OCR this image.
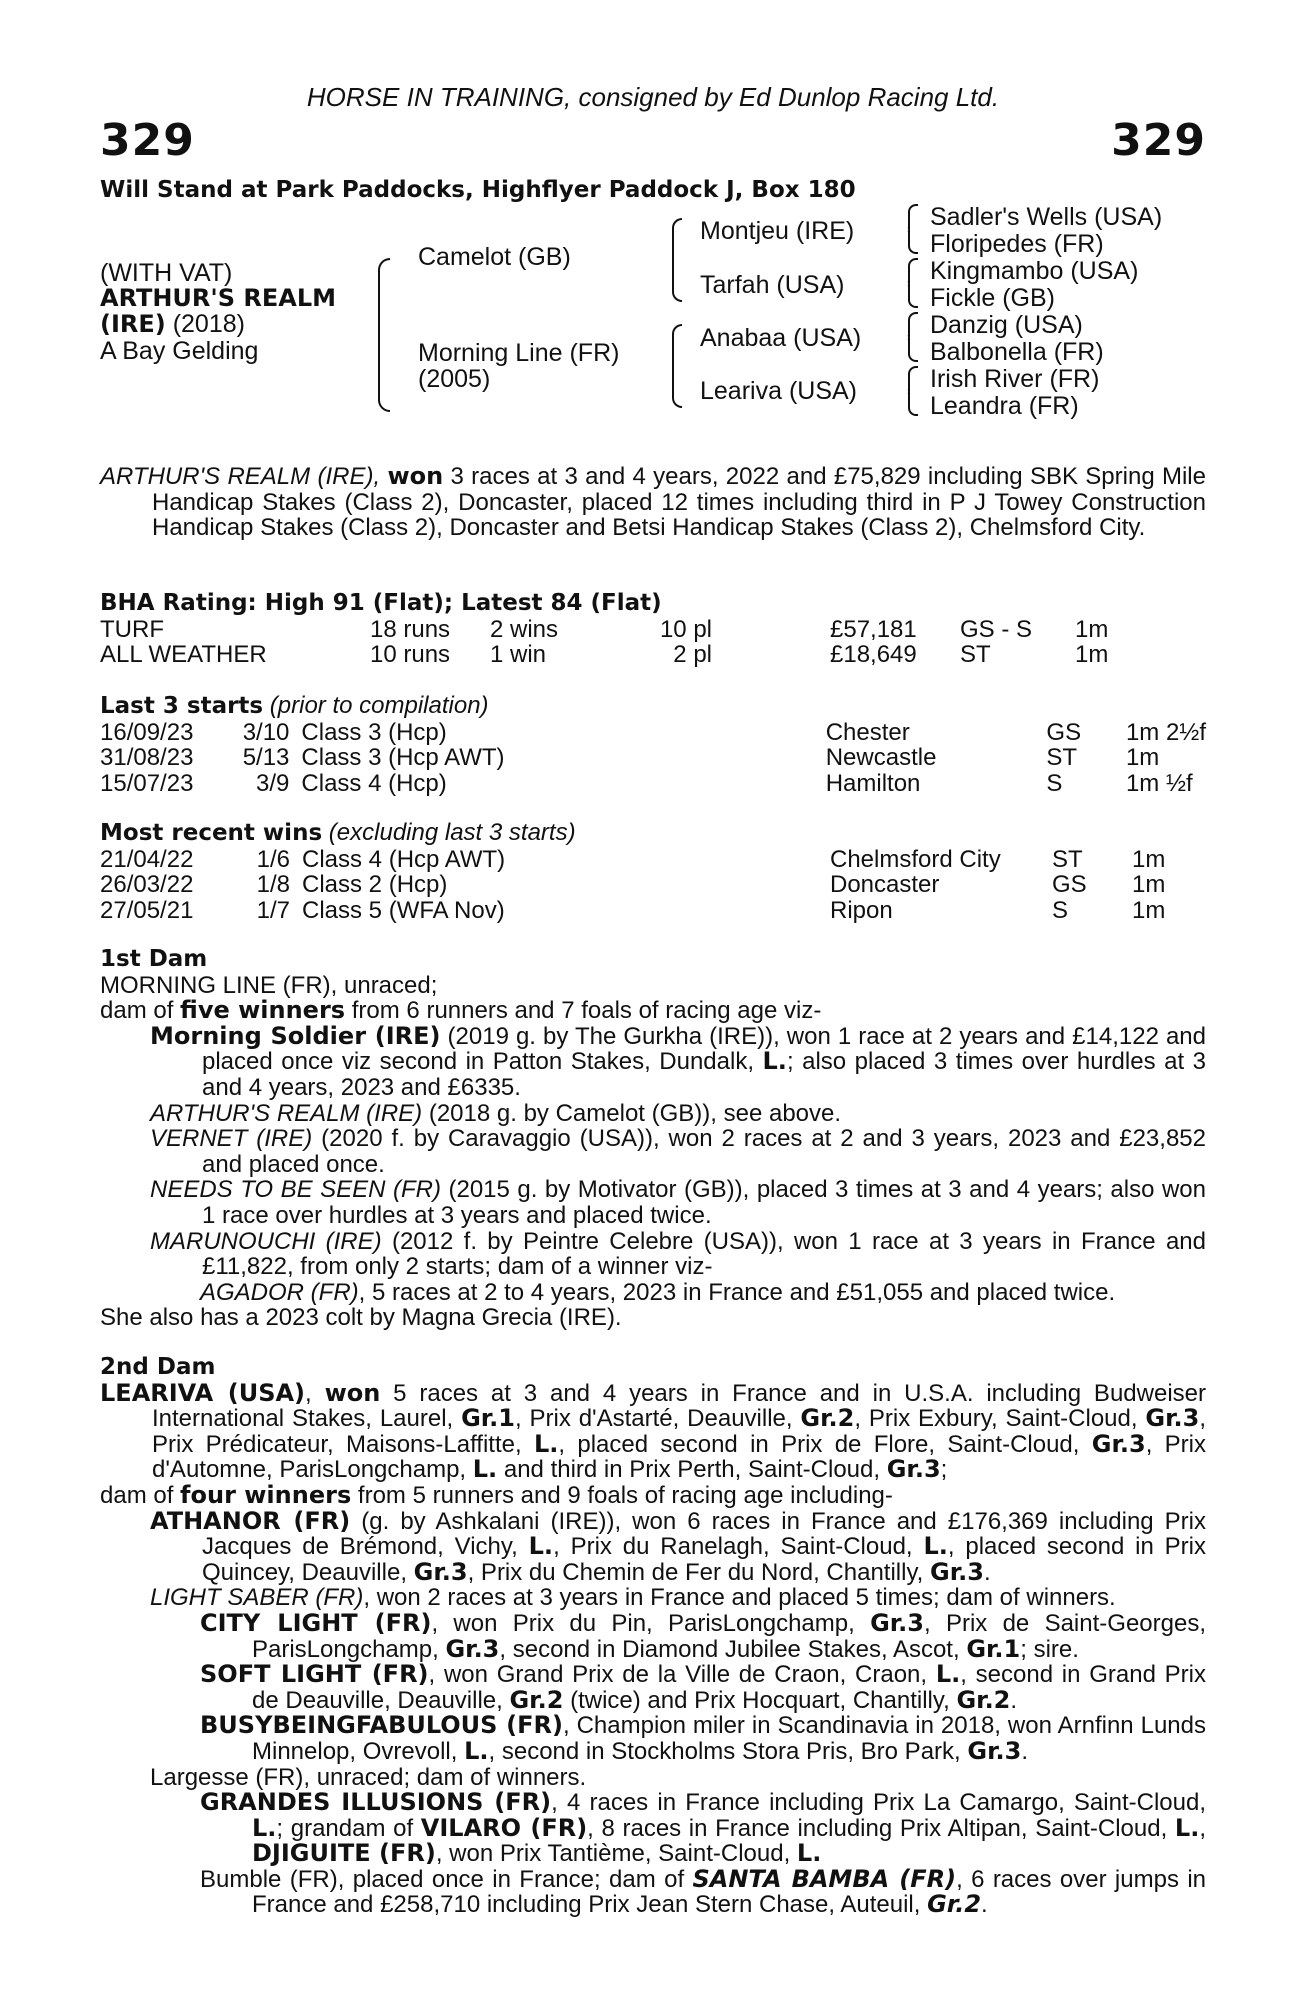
HORSE IN TRAINING, consigned by Ed Dunlop Racing Ltd.
329	329
Will Stand at Park Paddocks, Highflyer Paddock J, Box 180
(WITH VAT)
ARTHUR'S REALM
(IRE) (2018)
A Bay Gelding
Camelot (GB)
Morning Line (FR)
(2005)
Montjeu (IRE)
Tarfah (USA)
Anabaa (USA)
Leariva (USA)
Sadler's Wells (USA)
Floripedes (FR)
Kingmambo (USA)
Fickle (GB)
Danzig (USA)
Balbonella (FR)
Irish River (FR)
Leandra (FR)

ARTHUR'S REALM (IRE), won 3 races at 3 and 4 years, 2022 and £75,829 including SBK Spring Mile Handicap Stakes (Class 2), Doncaster, placed 12 times including third in P J Towey Construction Handicap Stakes (Class 2), Doncaster and Betsi Handicap Stakes (Class 2), Chelmsford City.

BHA Rating: High 91 (Flat); Latest 84 (Flat)
TURF	18 runs	2 wins	10 pl		£57,181	GS - S	1m
ALL WEATHER	10 runs	1 win	2 pl		£18,649	ST	1m
Last 3 starts (prior to compilation)
16/09/23	3/10	Class 3 (Hcp)	Chester	GS	1m 2½f
31/08/23	5/13	Class 3 (Hcp AWT)	Newcastle	ST	1m
15/07/23	3/9	Class 4 (Hcp)	Hamilton	S	1m ½f
Most recent wins (excluding last 3 starts)
21/04/22	1/6	Class 4 (Hcp AWT)	Chelmsford City	ST	1m
26/03/22	1/8	Class 2 (Hcp)	Doncaster	GS	1m
27/05/21	1/7	Class 5 (WFA Nov)	Ripon	S	1m
1st Dam

MORNING LINE (FR), unraced;

dam of five winners from 6 runners and 7 foals of racing age viz-

Morning Soldier (IRE) (2019 g. by The Gurkha (IRE)), won 1 race at 2 years and £14,122 and placed once viz second in Patton Stakes, Dundalk, L.; also placed 3 times over hurdles at 3 and 4 years, 2023 and £6335.

ARTHUR'S REALM (IRE) (2018 g. by Camelot (GB)), see above.

VERNET (IRE) (2020 f. by Caravaggio (USA)), won 2 races at 2 and 3 years, 2023 and £23,852 and placed once.

NEEDS TO BE SEEN (FR) (2015 g. by Motivator (GB)), placed 3 times at 3 and 4 years; also won 1 race over hurdles at 3 years and placed twice.

MARUNOUCHI (IRE) (2012 f. by Peintre Celebre (USA)), won 1 race at 3 years in France and £11,822, from only 2 starts; dam of a winner viz-

AGADOR (FR), 5 races at 2 to 4 years, 2023 in France and £51,055 and placed twice.

She also has a 2023 colt by Magna Grecia (IRE).

2nd Dam

LEARIVA (USA), won 5 races at 3 and 4 years in France and in U.S.A. including Budweiser International Stakes, Laurel, Gr.1, Prix d'Astarté, Deauville, Gr.2, Prix Exbury, Saint-Cloud, Gr.3, Prix Prédicateur, Maisons-Laffitte, L., placed second in Prix de Flore, Saint-Cloud, Gr.3, Prix d'Automne, ParisLongchamp, L. and third in Prix Perth, Saint-Cloud, Gr.3;

dam of four winners from 5 runners and 9 foals of racing age including-

ATHANOR (FR) (g. by Ashkalani (IRE)), won 6 races in France and £176,369 including Prix Jacques de Brémond, Vichy, L., Prix du Ranelagh, Saint-Cloud, L., placed second in Prix Quincey, Deauville, Gr.3, Prix du Chemin de Fer du Nord, Chantilly, Gr.3.

LIGHT SABER (FR), won 2 races at 3 years in France and placed 5 times; dam of winners.

CITY LIGHT (FR), won Prix du Pin, ParisLongchamp, Gr.3, Prix de Saint-Georges, ParisLongchamp, Gr.3, second in Diamond Jubilee Stakes, Ascot, Gr.1; sire.

SOFT LIGHT (FR), won Grand Prix de la Ville de Craon, Craon, L., second in Grand Prix de Deauville, Deauville, Gr.2 (twice) and Prix Hocquart, Chantilly, Gr.2.

BUSYBEINGFABULOUS (FR), Champion miler in Scandinavia in 2018, won Arnfinn Lunds Minnelop, Ovrevoll, L., second in Stockholms Stora Pris, Bro Park, Gr.3.

Largesse (FR), unraced; dam of winners.

GRANDES ILLUSIONS (FR), 4 races in France including Prix La Camargo, Saint-Cloud, L.; grandam of VILARO (FR), 8 races in France including Prix Altipan, Saint-Cloud, L., DJIGUITE (FR), won Prix Tantième, Saint-Cloud, L.

Bumble (FR), placed once in France; dam of SANTA BAMBA (FR), 6 races over jumps in France and £258,710 including Prix Jean Stern Chase, Auteuil, Gr.2.
